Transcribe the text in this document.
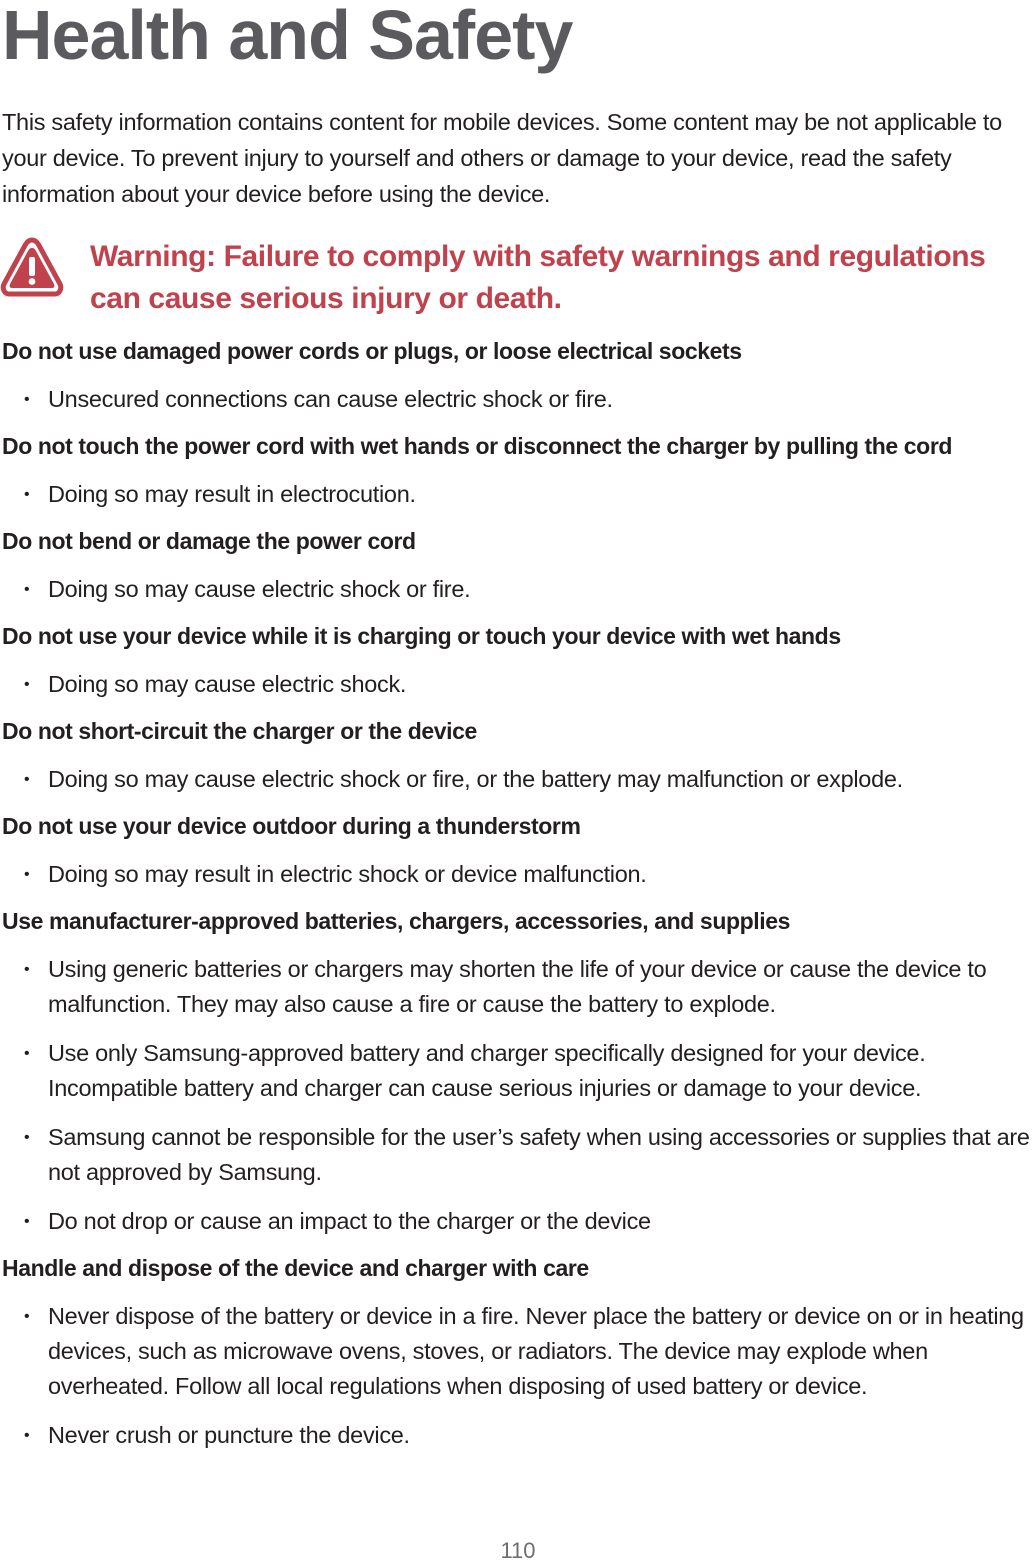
Health and Safety

This safety information contains content for mobile devices. Some content may be not applicable to your device. To prevent injury to yourself and others or damage to your device, read the safety information about your device before using the device.

Warning: Failure to comply with safety warnings and regulations can cause serious injury or death.

Do not use damaged power cords or plugs, or loose electrical sockets
• Unsecured connections can cause electric shock or fire.
Do not touch the power cord with wet hands or disconnect the charger by pulling the cord
• Doing so may result in electrocution.
Do not bend or damage the power cord
• Doing so may cause electric shock or fire.
Do not use your device while it is charging or touch your device with wet hands
• Doing so may cause electric shock.
Do not short-circuit the charger or the device
• Doing so may cause electric shock or fire, or the battery may malfunction or explode.
Do not use your device outdoor during a thunderstorm
• Doing so may result in electric shock or device malfunction.
Use manufacturer-approved batteries, chargers, accessories, and supplies
• Using generic batteries or chargers may shorten the life of your device or cause the device to malfunction. They may also cause a fire or cause the battery to explode.
• Use only Samsung-approved battery and charger specifically designed for your device. Incompatible battery and charger can cause serious injuries or damage to your device.
• Samsung cannot be responsible for the user’s safety when using accessories or supplies that are not approved by Samsung.
• Do not drop or cause an impact to the charger or the device
Handle and dispose of the device and charger with care
• Never dispose of the battery or device in a fire. Never place the battery or device on or in heating devices, such as microwave ovens, stoves, or radiators. The device may explode when overheated. Follow all local regulations when disposing of used battery or device.
• Never crush or puncture the device.
110
